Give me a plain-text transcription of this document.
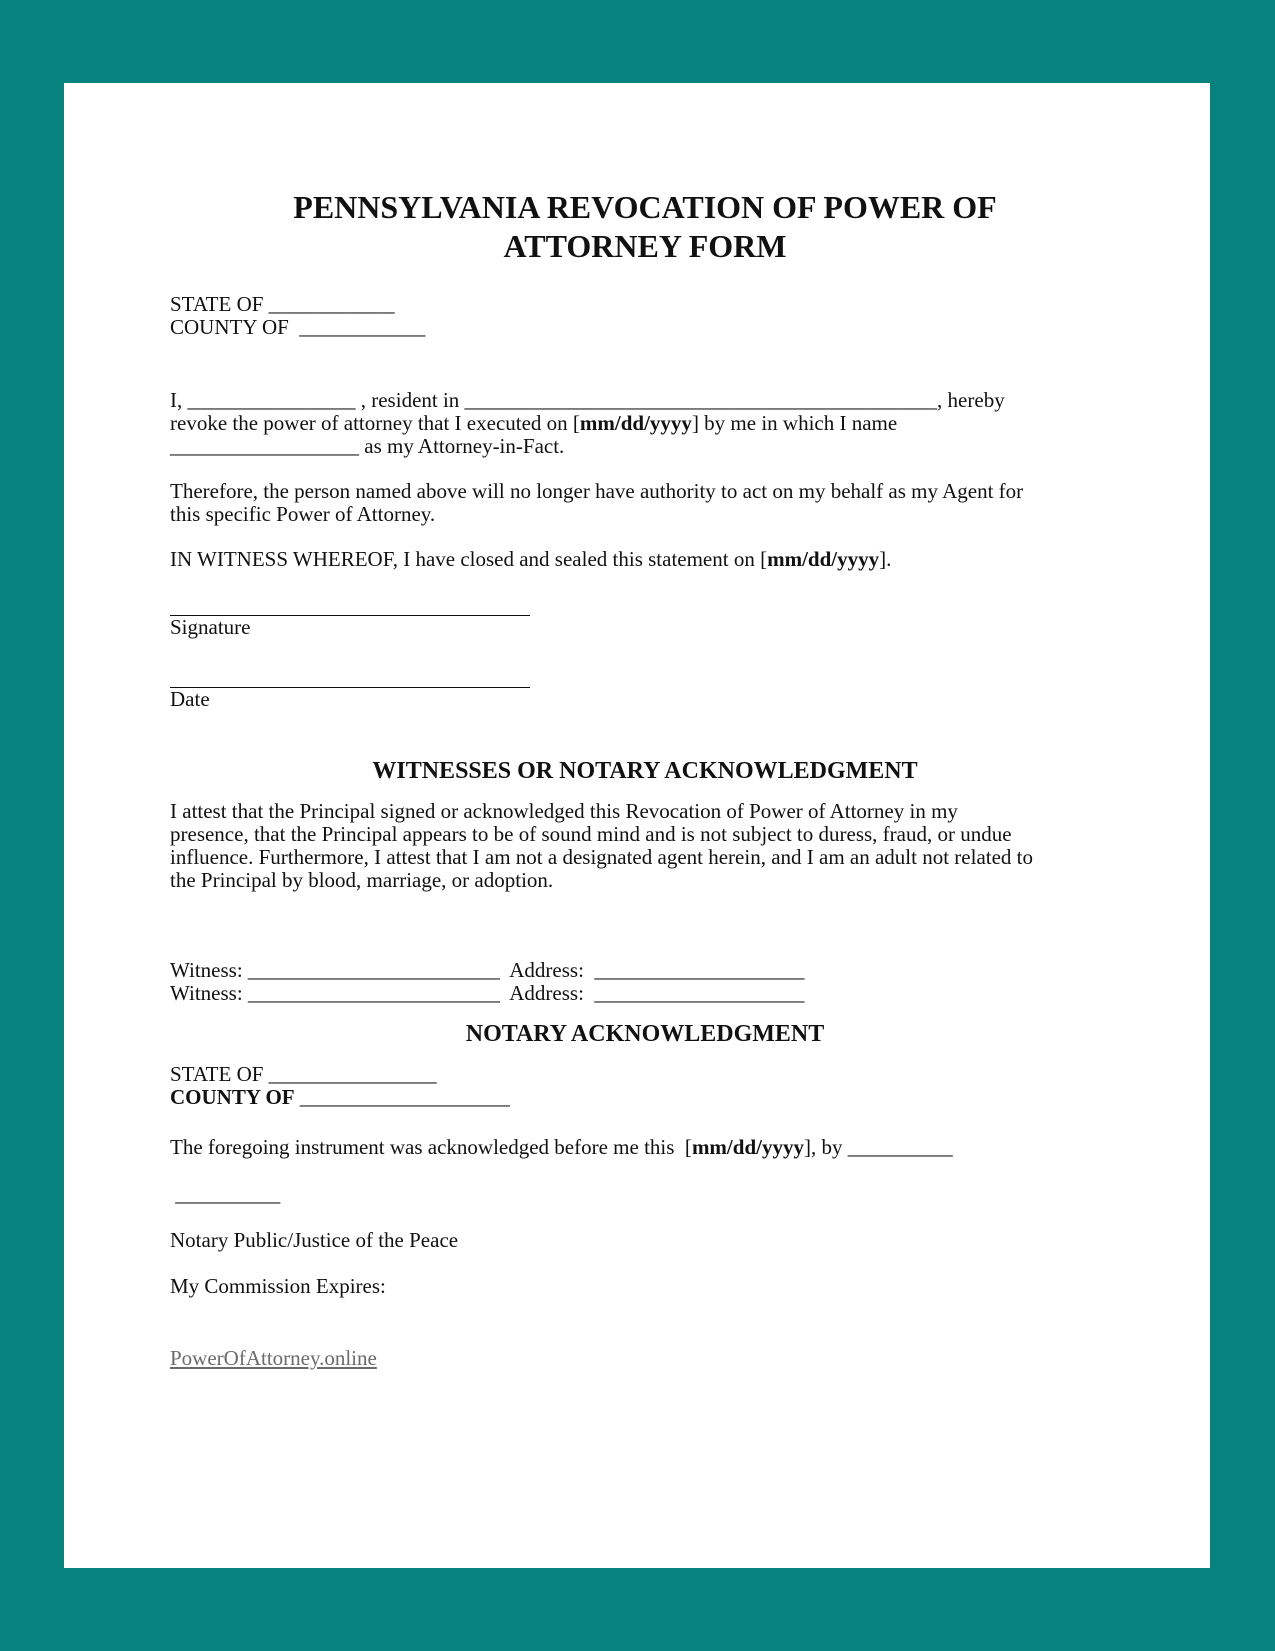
PENNSYLVANIA REVOCATION OF POWER OF
ATTORNEY FORM
STATE OF ____________
COUNTY OF  ____________
I, ________________ , resident in _____________________________________________, hereby
revoke the power of attorney that I executed on [mm/dd/yyyy] by me in which I name
__________________ as my Attorney-in-Fact.
Therefore, the person named above will no longer have authority to act on my behalf as my Agent for
this specific Power of Attorney.
IN WITNESS WHEREOF, I have closed and sealed this statement on [mm/dd/yyyy].
Signature
Date
WITNESSES OR NOTARY ACKNOWLEDGMENT
I attest that the Principal signed or acknowledged this Revocation of Power of Attorney in my
presence, that the Principal appears to be of sound mind and is not subject to duress, fraud, or undue
influence. Furthermore, I attest that I am not a designated agent herein, and I am an adult not related to
the Principal by blood, marriage, or adoption.
Witness: ________________________  Address:  ____________________
Witness: ________________________  Address:  ____________________
NOTARY ACKNOWLEDGMENT
STATE OF ________________
COUNTY OF ____________________
The foregoing instrument was acknowledged before me this  [mm/dd/yyyy], by __________
__________
Notary Public/Justice of the Peace
My Commission Expires:
PowerOfAttorney.online
